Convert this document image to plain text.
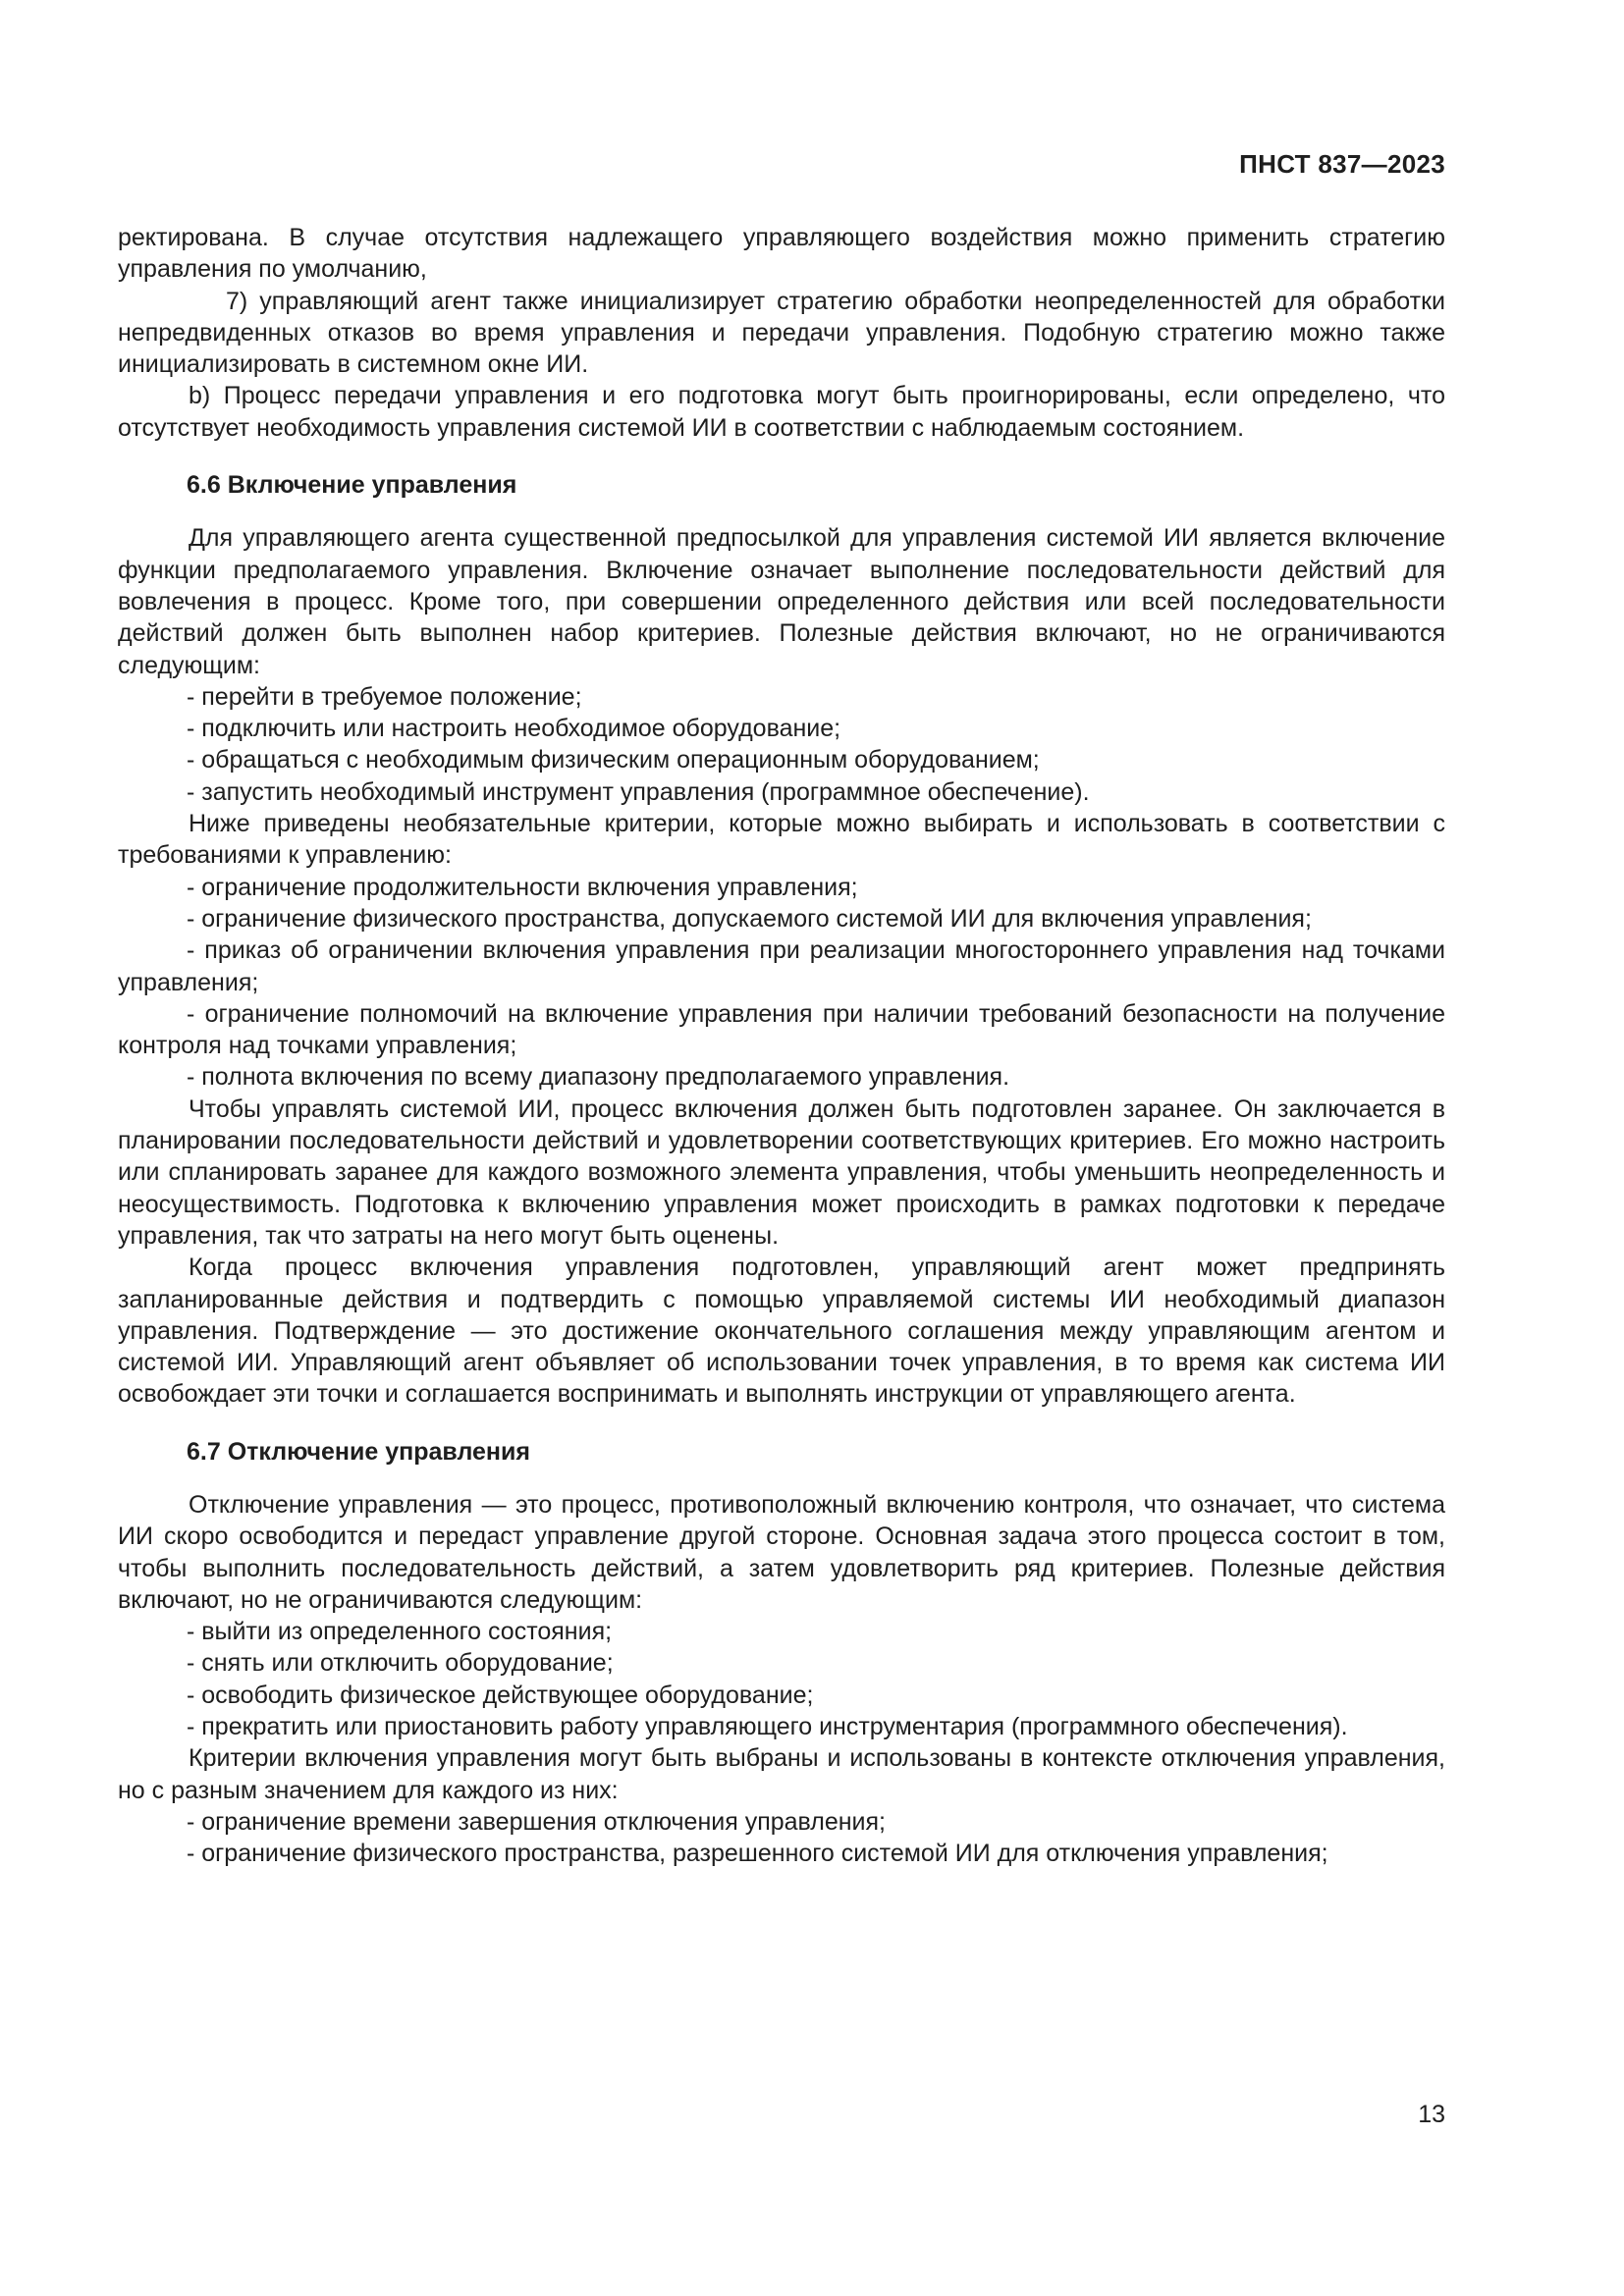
ПНСТ 837—2023

ректирована. В случае отсутствия надлежащего управляющего воздействия можно применить стратегию управления по умолчанию,

7) управляющий агент также инициализирует стратегию обработки неопределенностей для обработки непредвиденных отказов во время управления и передачи управления. Подобную стратегию можно также инициализировать в системном окне ИИ.

b) Процесс передачи управления и его подготовка могут быть проигнорированы, если определено, что отсутствует необходимость управления системой ИИ в соответствии с наблюдаемым состоянием.

6.6 Включение управления

Для управляющего агента существенной предпосылкой для управления системой ИИ является включение функции предполагаемого управления. Включение означает выполнение последовательности действий для вовлечения в процесс. Кроме того, при совершении определенного действия или всей последовательности действий должен быть выполнен набор критериев. Полезные действия включают, но не ограничиваются следующим:

- перейти в требуемое положение;

- подключить или настроить необходимое оборудование;

- обращаться с необходимым физическим операционным оборудованием;

- запустить необходимый инструмент управления (программное обеспечение).

Ниже приведены необязательные критерии, которые можно выбирать и использовать в соответствии с требованиями к управлению:

- ограничение продолжительности включения управления;

- ограничение физического пространства, допускаемого системой ИИ для включения управления;

- приказ об ограничении включения управления при реализации многостороннего управления над точками управления;

- ограничение полномочий на включение управления при наличии требований безопасности на получение контроля над точками управления;

- полнота включения по всему диапазону предполагаемого управления.

Чтобы управлять системой ИИ, процесс включения должен быть подготовлен заранее. Он заключается в планировании последовательности действий и удовлетворении соответствующих критериев. Его можно настроить или спланировать заранее для каждого возможного элемента управления, чтобы уменьшить неопределенность и неосуществимость. Подготовка к включению управления может происходить в рамках подготовки к передаче управления, так что затраты на него могут быть оценены.

Когда процесс включения управления подготовлен, управляющий агент может предпринять запланированные действия и подтвердить с помощью управляемой системы ИИ необходимый диапазон управления. Подтверждение — это достижение окончательного соглашения между управляющим агентом и системой ИИ. Управляющий агент объявляет об использовании точек управления, в то время как система ИИ освобождает эти точки и соглашается воспринимать и выполнять инструкции от управляющего агента.

6.7 Отключение управления

Отключение управления — это процесс, противоположный включению контроля, что означает, что система ИИ скоро освободится и передаст управление другой стороне. Основная задача этого процесса состоит в том, чтобы выполнить последовательность действий, а затем удовлетворить ряд критериев. Полезные действия включают, но не ограничиваются следующим:

- выйти из определенного состояния;

- снять или отключить оборудование;

- освободить физическое действующее оборудование;

- прекратить или приостановить работу управляющего инструментария (программного обеспечения).

Критерии включения управления могут быть выбраны и использованы в контексте отключения управления, но с разным значением для каждого из них:

- ограничение времени завершения отключения управления;

- ограничение физического пространства, разрешенного системой ИИ для отключения управления;

13
